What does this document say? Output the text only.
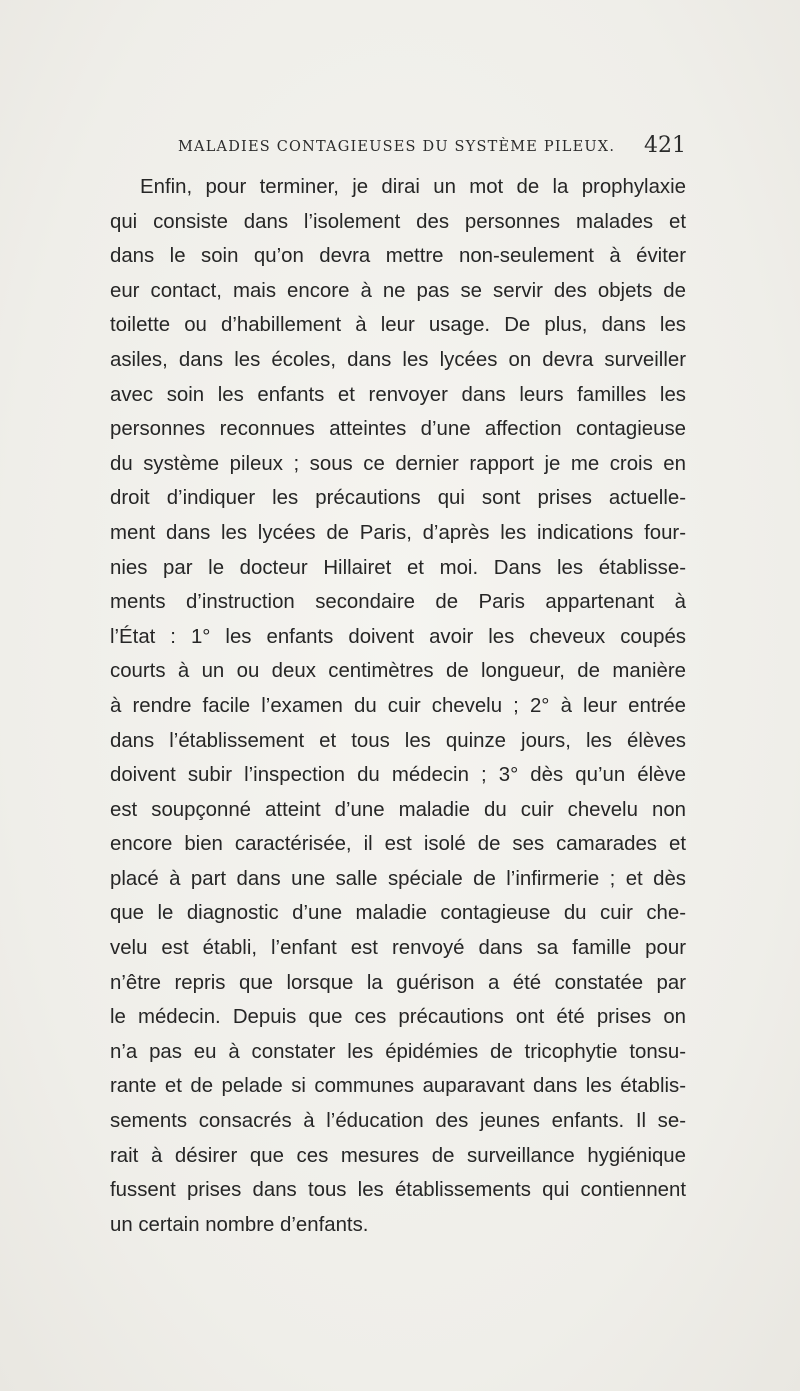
MALADIES CONTAGIEUSES DU SYSTÈME PILEUX. 421
Enfin, pour terminer, je dirai un mot de la prophylaxie
qui consiste dans l’isolement des personnes malades et
dans le soin qu’on devra mettre non-seulement à éviter
eur contact, mais encore à ne pas se servir des objets de
toilette ou d’habillement à leur usage. De plus, dans les
asiles, dans les écoles, dans les lycées on devra surveiller
avec soin les enfants et renvoyer dans leurs familles les
personnes reconnues atteintes d’une affection contagieuse
du système pileux ; sous ce dernier rapport je me crois en
droit d’indiquer les précautions qui sont prises actuelle-
ment dans les lycées de Paris, d’après les indications four-
nies par le docteur Hillairet et moi. Dans les établisse-
ments d’instruction secondaire de Paris appartenant à
l’État : 1° les enfants doivent avoir les cheveux coupés
courts à un ou deux centimètres de longueur, de manière
à rendre facile l’examen du cuir chevelu ; 2° à leur entrée
dans l’établissement et tous les quinze jours, les élèves
doivent subir l’inspection du médecin ; 3° dès qu’un élève
est soupçonné atteint d’une maladie du cuir chevelu non
encore bien caractérisée, il est isolé de ses camarades et
placé à part dans une salle spéciale de l’infirmerie ; et dès
que le diagnostic d’une maladie contagieuse du cuir che-
velu est établi, l’enfant est renvoyé dans sa famille pour
n’être repris que lorsque la guérison a été constatée par
le médecin. Depuis que ces précautions ont été prises on
n’a pas eu à constater les épidémies de tricophytie tonsu-
rante et de pelade si communes auparavant dans les établis-
sements consacrés à l’éducation des jeunes enfants. Il se-
rait à désirer que ces mesures de surveillance hygiénique
fussent prises dans tous les établissements qui contiennent
un certain nombre d’enfants.
